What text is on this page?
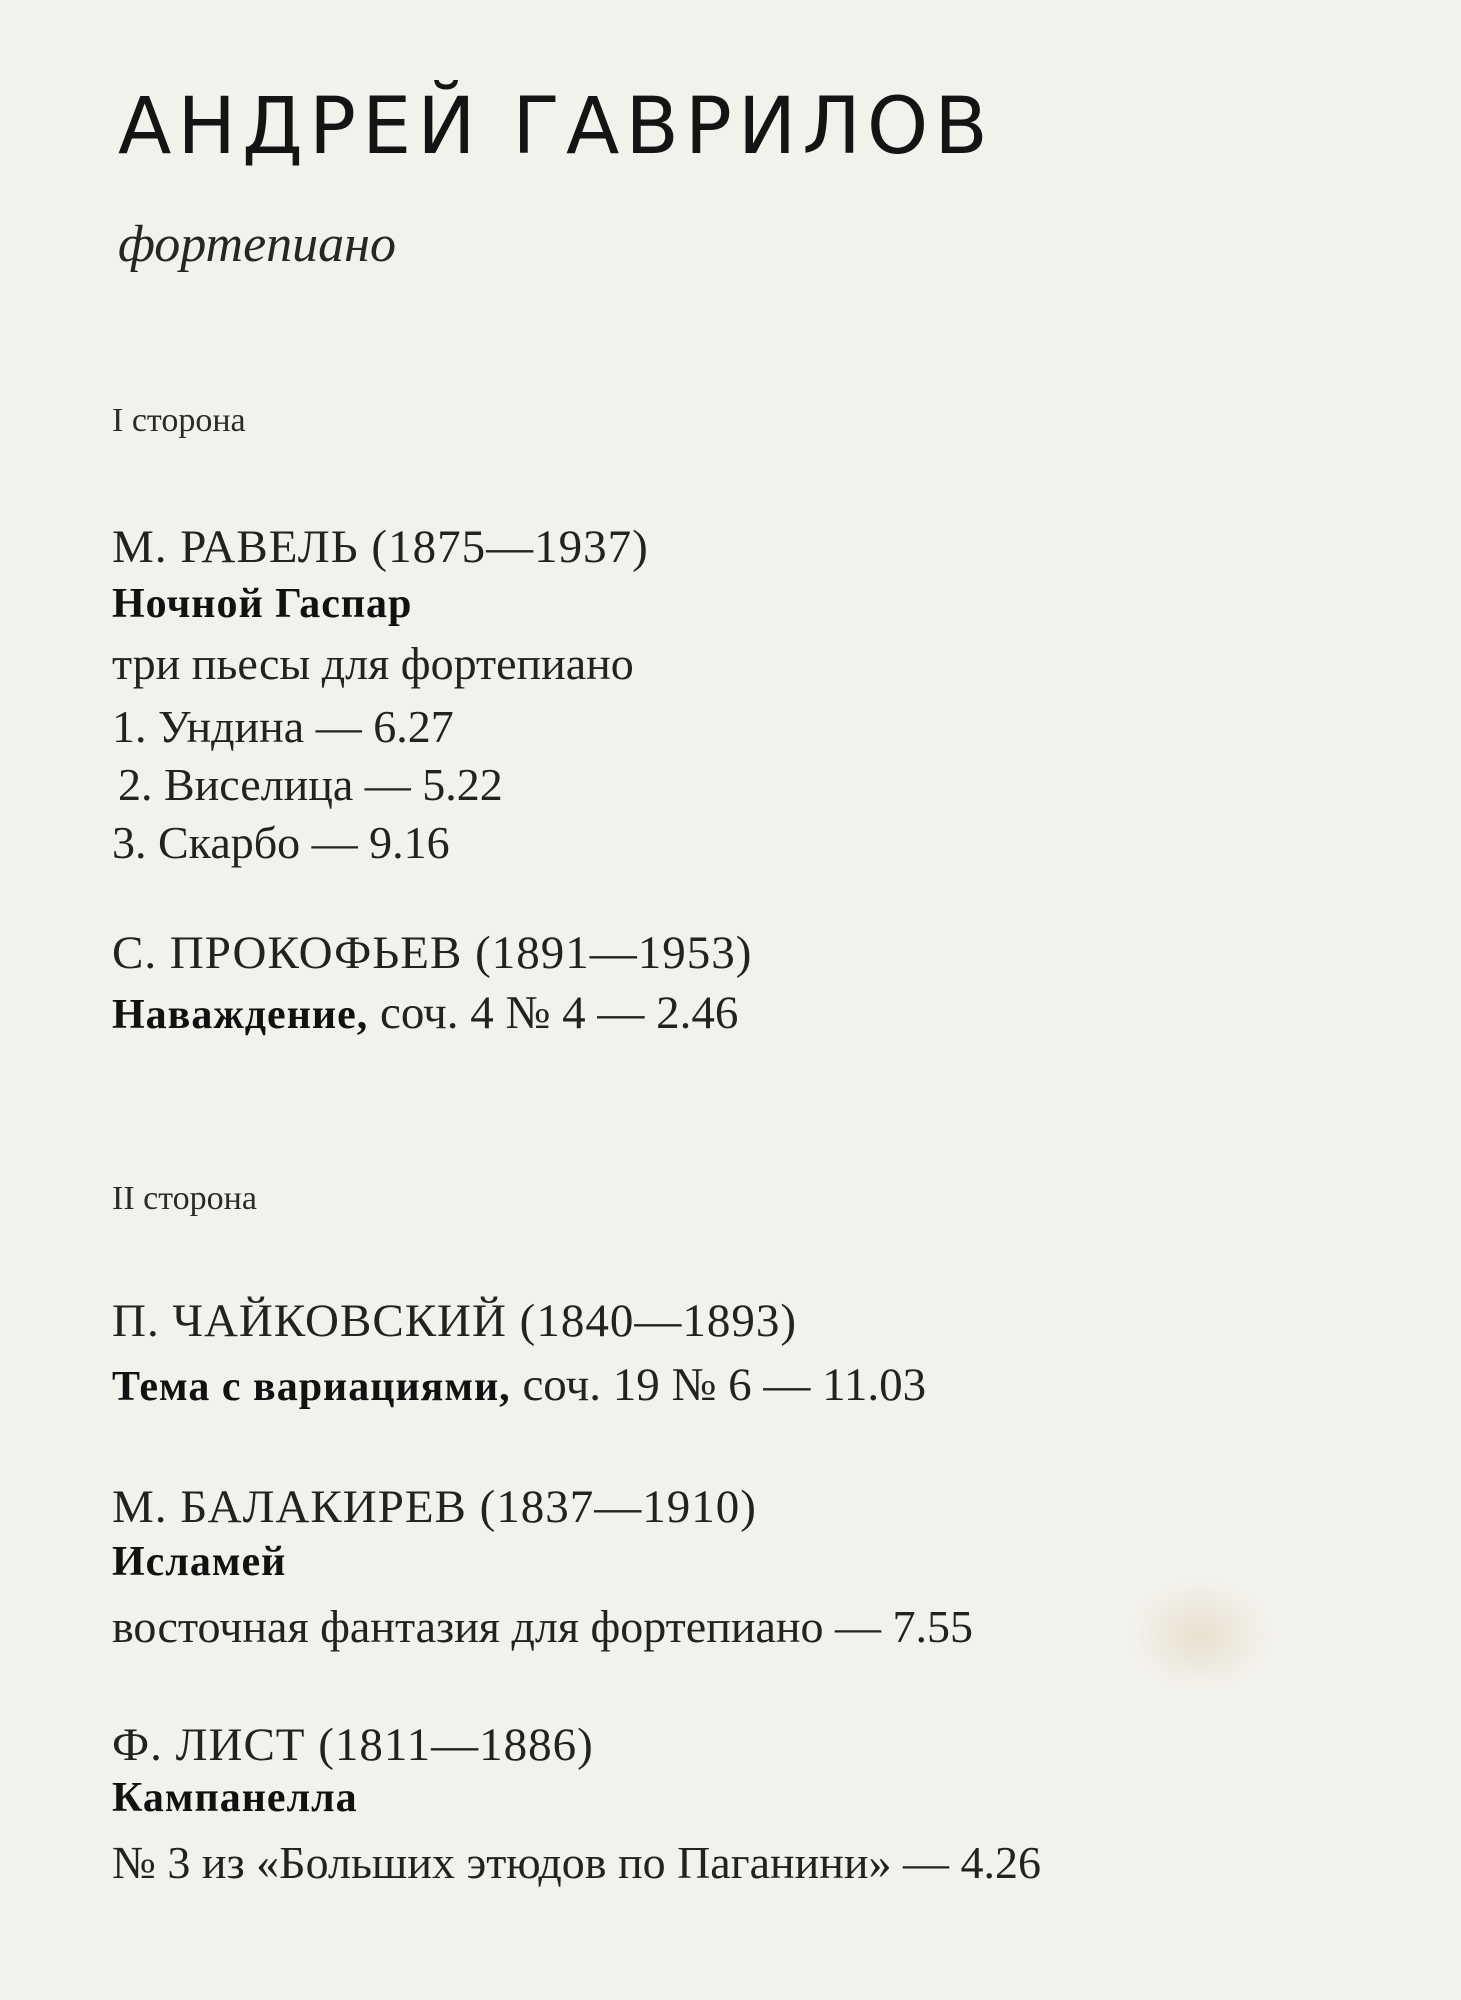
АНДРЕЙ ГАВРИЛОВ
фортепиано
I сторона
М. РАВЕЛЬ (1875—1937)
Ночной Гаспар
три пьесы для фортепиано
1. Ундина — 6.27
2. Виселица — 5.22
3. Скарбо — 9.16
С. ПРОКОФЬЕВ (1891—1953)
Наваждение, соч. 4 № 4 — 2.46
II сторона
П. ЧАЙКОВСКИЙ (1840—1893)
Тема с вариациями, соч. 19 № 6 — 11.03
М. БАЛАКИРЕВ (1837—1910)
Исламей
восточная фантазия для фортепиано — 7.55
Ф. ЛИСТ (1811—1886)
Кампанелла
№ 3 из «Больших этюдов по Паганини» — 4.26
